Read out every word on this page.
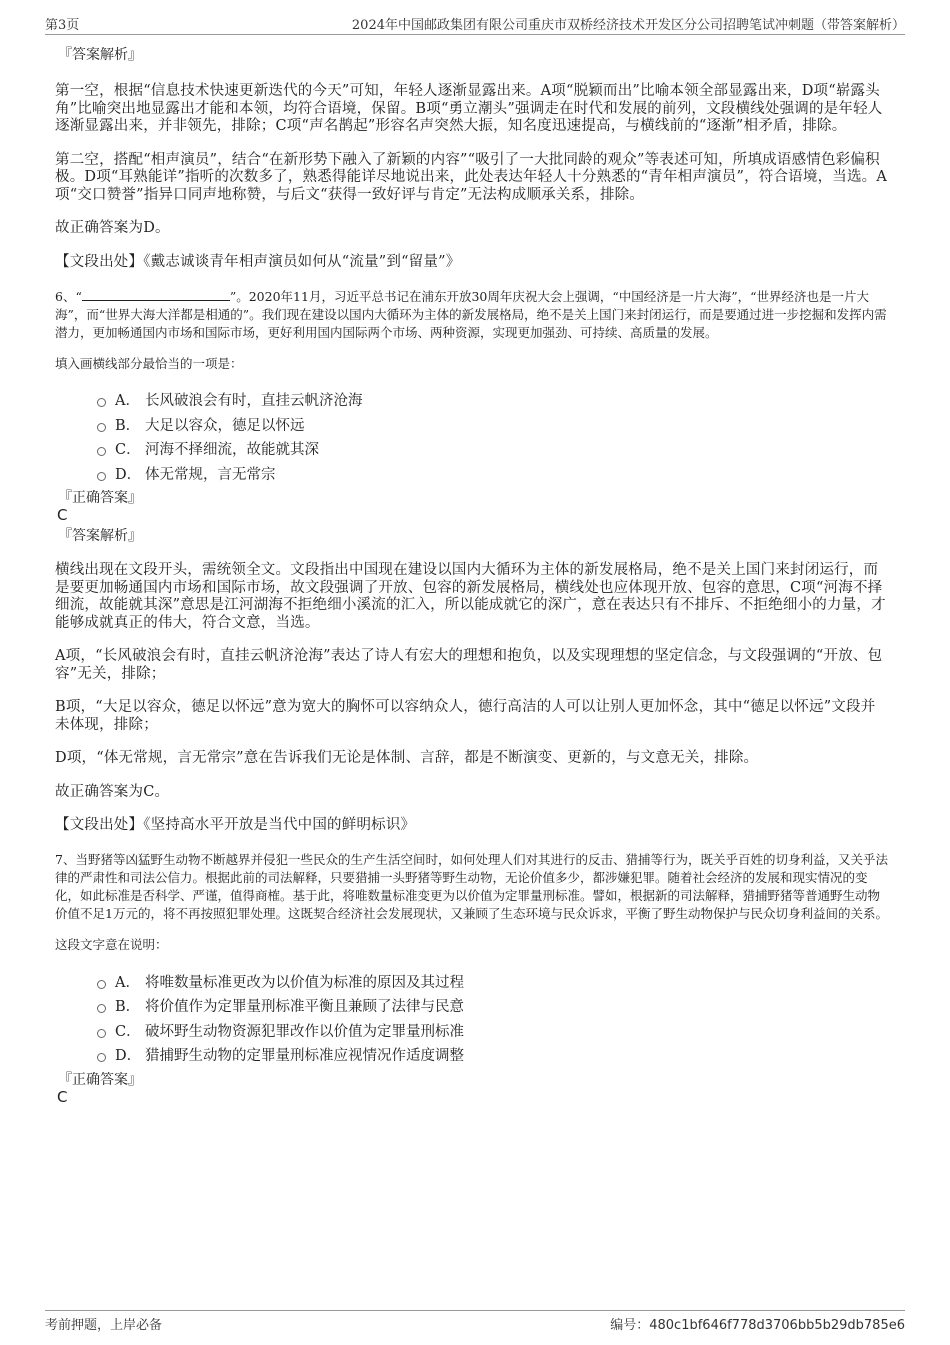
第3页	2024年中国邮政集团有限公司重庆市双桥经济技术开发区分公司招聘笔试冲刺题（带答案解析）

『答案解析』

第一空，根据“信息技术快速更新迭代的今天”可知，年轻人逐渐显露出来。A项“脱颖而出”比喻本领全部显露出来，D项“崭露头角”比喻突出地显露出才能和本领，均符合语境，保留。B项“勇立潮头”强调走在时代和发展的前列，文段横线处强调的是年轻人逐渐显露出来，并非领先，排除；C项“声名鹊起”形容名声突然大振，知名度迅速提高，与横线前的“逐渐”相矛盾，排除。

第二空，搭配“相声演员”，结合“在新形势下融入了新颖的内容”“吸引了一大批同龄的观众”等表述可知，所填成语感情色彩偏积极。D项“耳熟能详”指听的次数多了，熟悉得能详尽地说出来，此处表达年轻人十分熟悉的“青年相声演员”，符合语境，当选。A项“交口赞誉”指异口同声地称赞，与后文“获得一致好评与肯定”无法构成顺承关系，排除。

故正确答案为D。

【文段出处】《戴志诚谈青年相声演员如何从“流量”到“留量”》

6、“	”。2020年11月，习近平总书记在浦东开放30周年庆祝大会上强调，“中国经济是一片大海”，“世界经济也是一片大海”，而“世界大海大洋都是相通的”。我们现在建设以国内大循环为主体的新发展格局，绝不是关上国门来封闭运行，而是要通过进一步挖掘和发挥内需潜力，更加畅通国内市场和国际市场，更好利用国内国际两个市场、两种资源，实现更加强劲、可持续、高质量的发展。

填入画横线部分最恰当的一项是：

A． 长风破浪会有时，直挂云帆济沧海
B． 大足以容众，德足以怀远
C． 河海不择细流，故能就其深
D． 体无常规，言无常宗

『正确答案』

C

『答案解析』

横线出现在文段开头，需统领全文。文段指出中国现在建设以国内大循环为主体的新发展格局，绝不是关上国门来封闭运行，而是要更加畅通国内市场和国际市场，故文段强调了开放、包容的新发展格局，横线处也应体现开放、包容的意思，C项“河海不择细流，故能就其深”意思是江河湖海不拒绝细小溪流的汇入，所以能成就它的深广，意在表达只有不排斥、不拒绝细小的力量，才能够成就真正的伟大，符合文意，当选。

A项，“长风破浪会有时，直挂云帆济沧海”表达了诗人有宏大的理想和抱负，以及实现理想的坚定信念，与文段强调的“开放、包容”无关，排除；

B项，“大足以容众，德足以怀远”意为宽大的胸怀可以容纳众人，德行高洁的人可以让别人更加怀念，其中“德足以怀远”文段并未体现，排除；

D项，“体无常规，言无常宗”意在告诉我们无论是体制、言辞，都是不断演变、更新的，与文意无关，排除。

故正确答案为C。

【文段出处】《坚持高水平开放是当代中国的鲜明标识》

7、当野猪等凶猛野生动物不断越界并侵犯一些民众的生产生活空间时，如何处理人们对其进行的反击、猎捕等行为，既关乎百姓的切身利益，又关乎法律的严肃性和司法公信力。根据此前的司法解释，只要猎捕一头野猪等野生动物，无论价值多少，都涉嫌犯罪。随着社会经济的发展和现实情况的变化，如此标准是否科学、严谨，值得商榷。基于此，将唯数量标准变更为以价值为定罪量刑标准。譬如，根据新的司法解释，猎捕野猪等普通野生动物价值不足1万元的，将不再按照犯罪处理。这既契合经济社会发展现状，又兼顾了生态环境与民众诉求，平衡了野生动物保护与民众切身利益间的关系。

这段文字意在说明：

A． 将唯数量标准更改为以价值为标准的原因及其过程
B． 将价值作为定罪量刑标准平衡且兼顾了法律与民意
C． 破坏野生动物资源犯罪改作以价值为定罪量刑标准
D． 猎捕野生动物的定罪量刑标准应视情况作适度调整

『正确答案』

C

考前押题，上岸必备	编号：480c1bf646f778d3706bb5b29db785e6
